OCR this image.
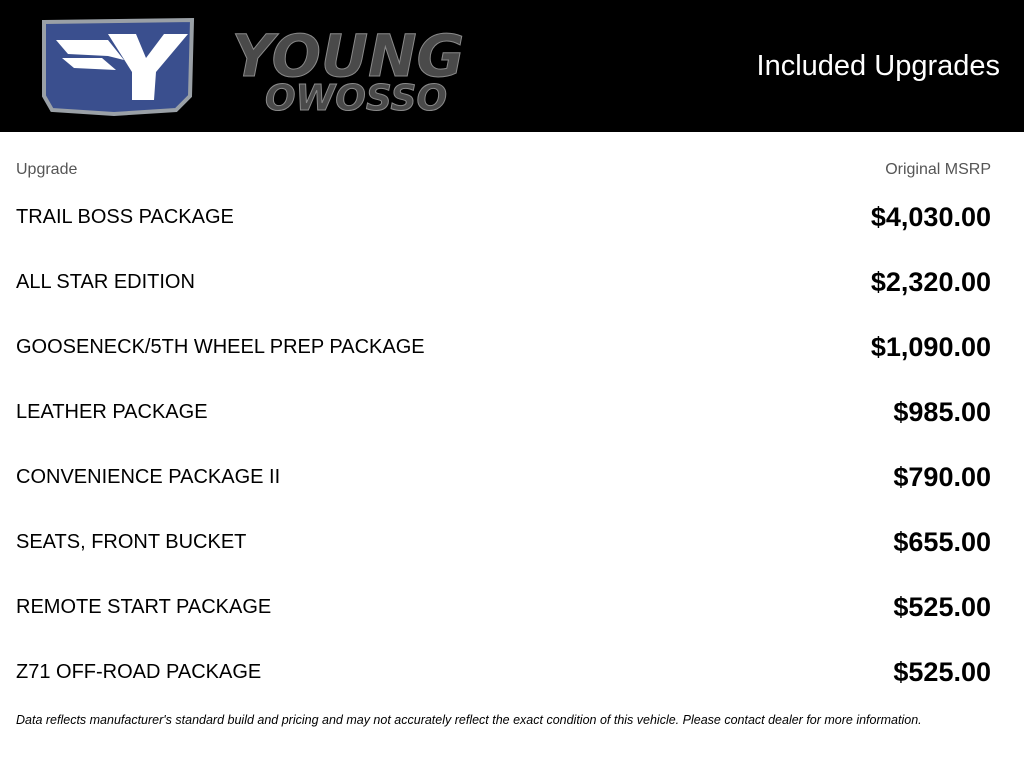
YOUNG
OWOSSO
Included Upgrades
Upgrade	Original MSRP
TRAIL BOSS PACKAGE	$4,030.00
ALL STAR EDITION	$2,320.00
GOOSENECK/5TH WHEEL PREP PACKAGE	$1,090.00
LEATHER PACKAGE	$985.00
CONVENIENCE PACKAGE II	$790.00
SEATS, FRONT BUCKET	$655.00
REMOTE START PACKAGE	$525.00
Z71 OFF-ROAD PACKAGE	$525.00
Data reflects manufacturer's standard build and pricing and may not accurately reflect the exact condition of this vehicle. Please contact dealer for more information.
